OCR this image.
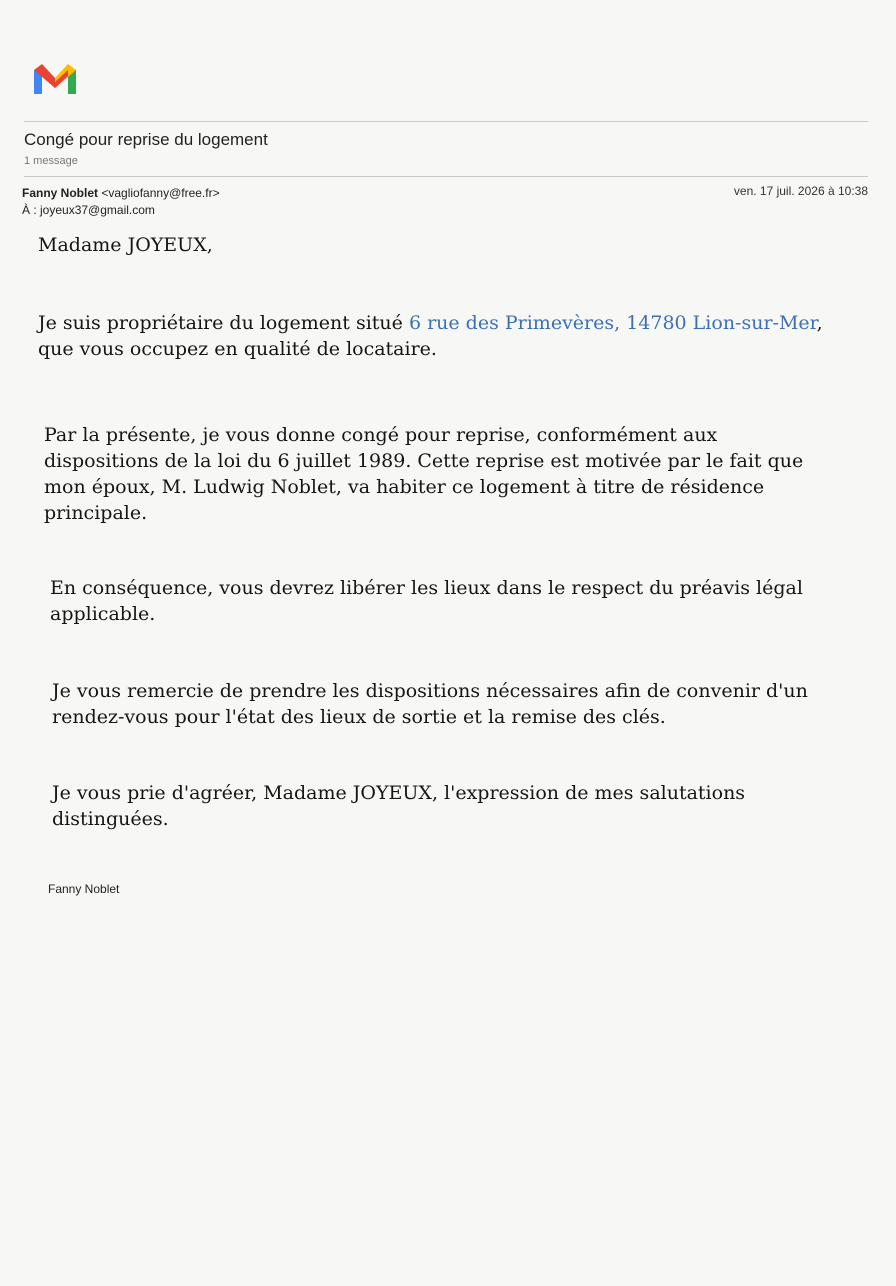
Congé pour reprise du logement
1 message
Fanny Noblet <vagliofanny@free.fr>
À : joyeux37@gmail.com
ven. 17 juil. 2026 à 10:38

Madame JOYEUX,

Je suis propriétaire du logement situé 6 rue des Primevères, 14780 Lion-sur-Mer, que vous occupez en qualité de locataire.

Par la présente, je vous donne congé pour reprise, conformément aux dispositions de la loi du 6 juillet 1989. Cette reprise est motivée par le fait que mon époux, M. Ludwig Noblet, va habiter ce logement à titre de résidence principale.

En conséquence, vous devrez libérer les lieux dans le respect du préavis légal applicable.

Je vous remercie de prendre les dispositions nécessaires afin de convenir d'un rendez-vous pour l'état des lieux de sortie et la remise des clés.

Je vous prie d'agréer, Madame JOYEUX, l'expression de mes salutations distinguées.

Fanny Noblet
